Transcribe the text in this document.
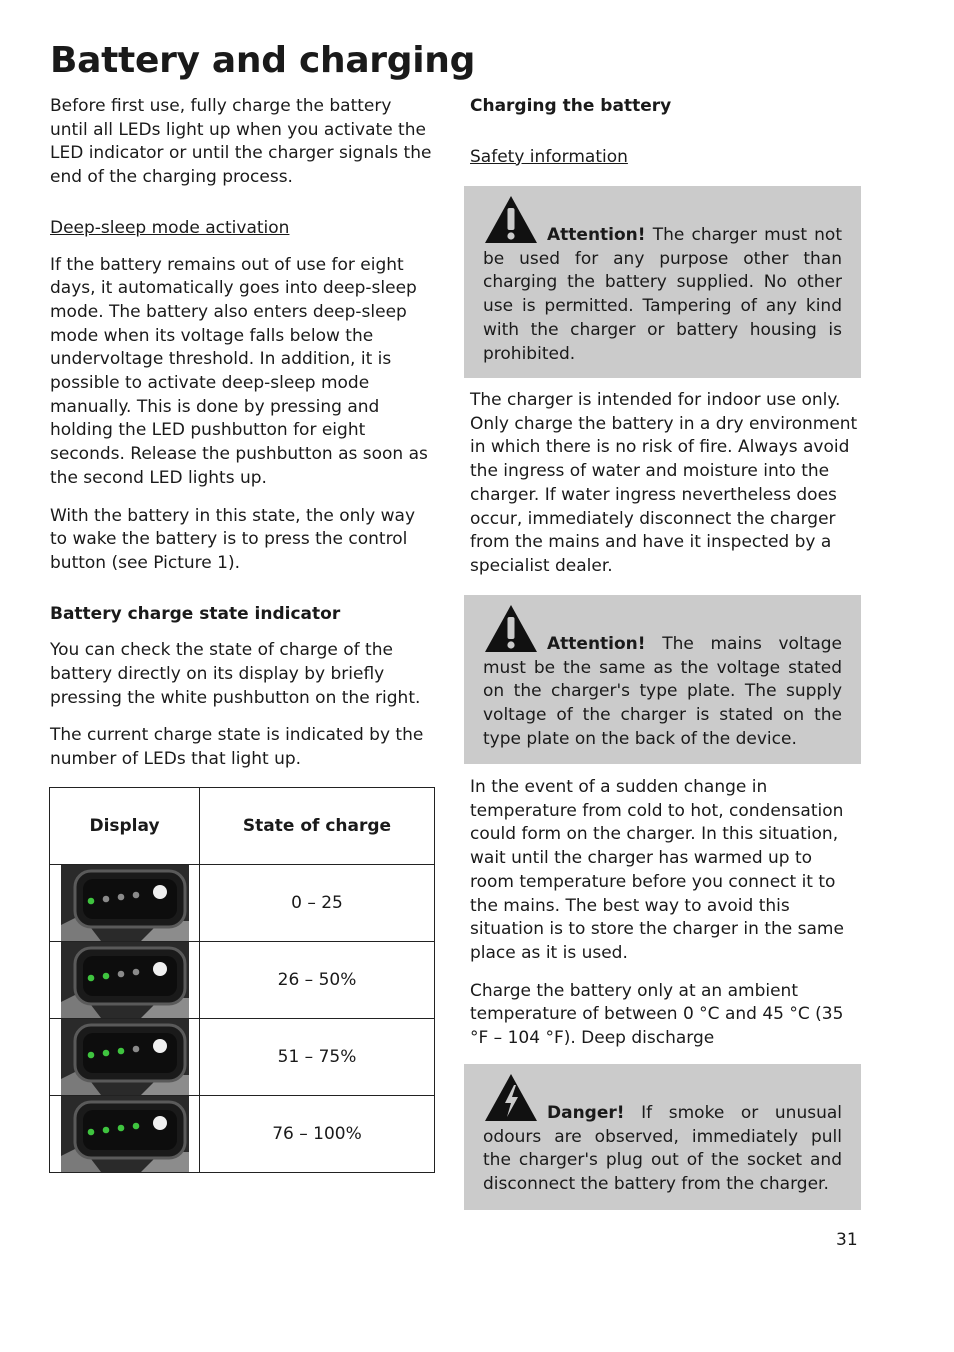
Battery and charging

Before first use, fully charge the battery until all LEDs light up when you activate the LED indicator or until the charger signals the end of the charging process.

Deep-sleep mode activation

If the battery remains out of use for eight days, it automatically goes into deep-sleep mode. The battery also enters deep-sleep mode when its voltage falls below the undervoltage threshold. In addition, it is possible to activate deep-sleep mode manually. This is done by pressing and holding the LED pushbutton for eight seconds. Release the pushbutton as soon as the second LED lights up.

With the battery in this state, the only way to wake the battery is to press the control button (see Picture 1).

Battery charge state indicator

You can check the state of charge of the battery directly on its display by briefly pressing the white pushbutton on the right.

The current charge state is indicated by the number of LEDs that light up.

Display	State of charge

	0 – 25

	26 – 50%

	51 – 75%

	76 – 100%

Charging the battery

Safety information

Attention! The charger must not be used for any purpose other than charging the battery supplied. No other use is permitted. Tampering of any kind with the charger or battery housing is prohibited.

The charger is intended for indoor use only. Only charge the battery in a dry environment in which there is no risk of fire. Always avoid the ingress of water and moisture into the charger. If water ingress nevertheless does occur, immediately disconnect the charger from the mains and have it inspected by a specialist dealer.

Attention! The mains voltage must be the same as the voltage stated on the charger's type plate. The supply voltage of the charger is stated on the type plate on the back of the device.

In the event of a sudden change in temperature from cold to hot, condensation could form on the charger. In this situation, wait until the charger has warmed up to room temperature before you connect it to the mains. The best way to avoid this situation is to store the charger in the same place as it is used.

Charge the battery only at an ambient temperature of between 0 °C and 45 °C (35 °F – 104 °F). Deep discharge

Danger! If smoke or unusual odours are observed, immediately pull the charger's plug out of the socket and disconnect the battery from the charger.

31
